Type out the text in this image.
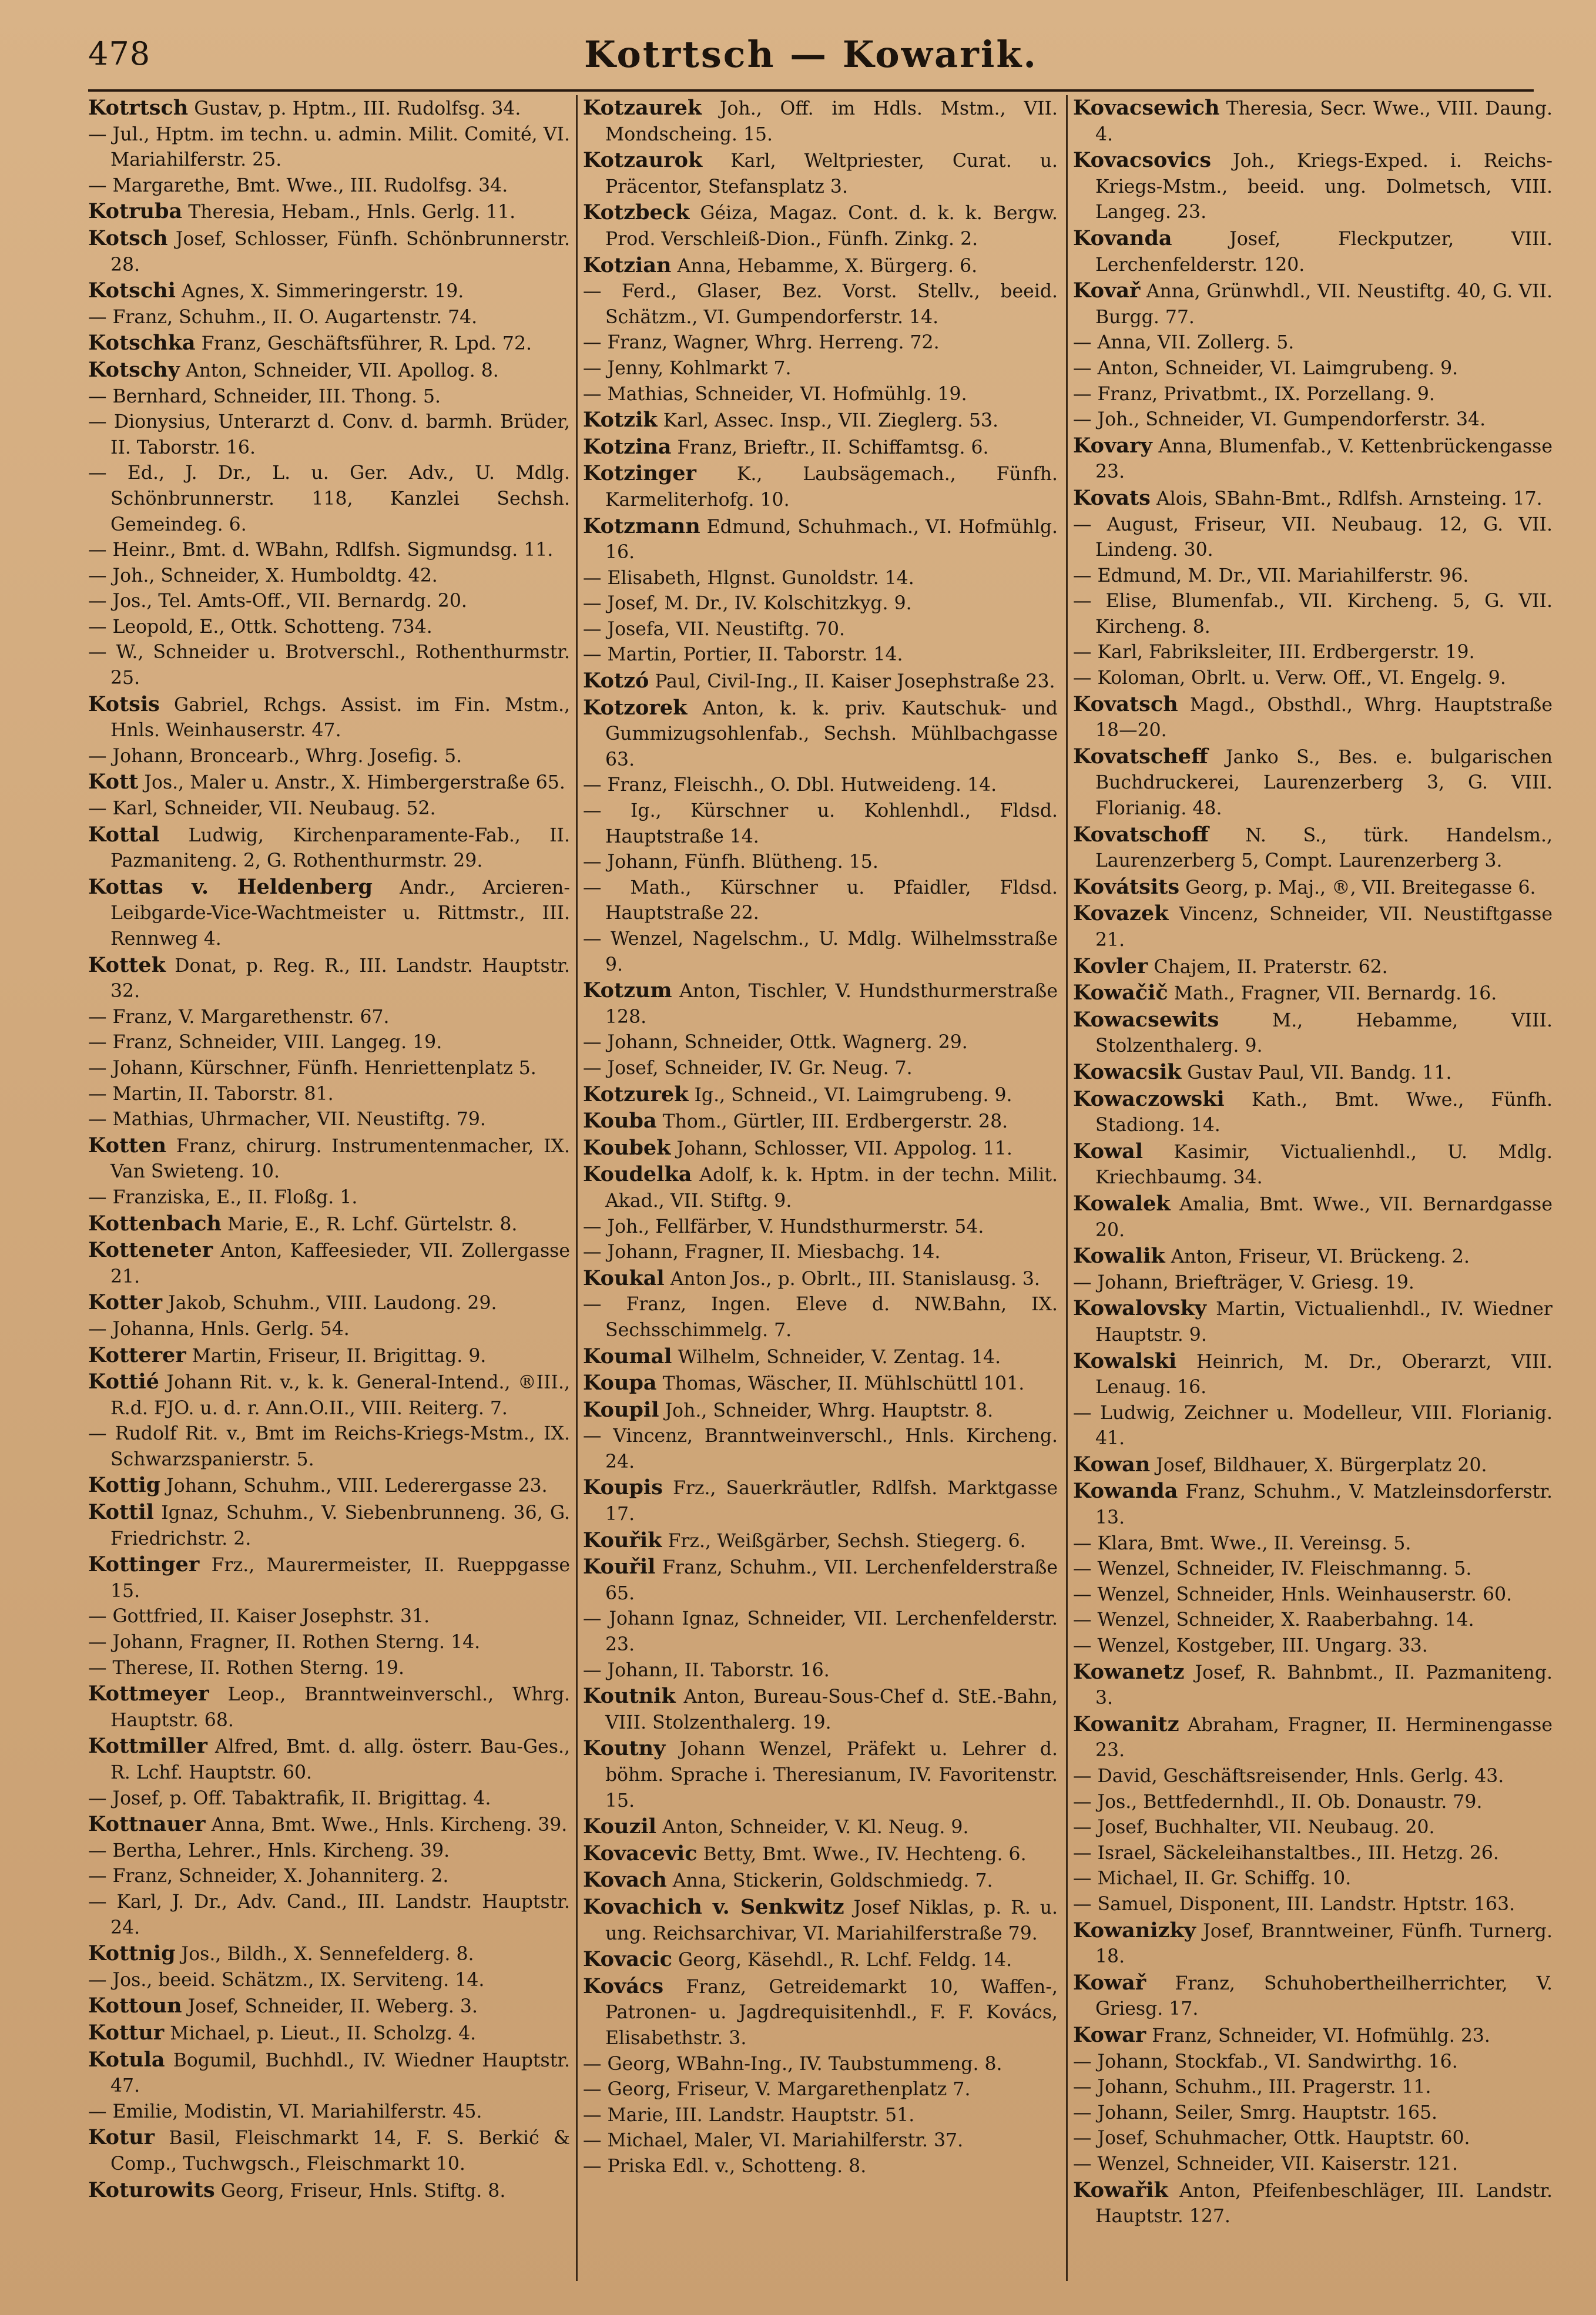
478	Kotrtsch — Kowarik.
Kotrtsch Gustav, p. Hptm., III. Rudolfsg. 34.
— Jul., Hptm. im techn. u. admin. Milit. Comité, VI. Mariahilferstr. 25.
— Margarethe, Bmt. Wwe., III. Rudolfsg. 34.
Kotruba Theresia, Hebam., Hnls. Gerlg. 11.
Kotsch Josef, Schlosser, Fünfh. Schönbrunnerstr. 28.
Kotschi Agnes, X. Simmeringerstr. 19.
— Franz, Schuhm., II. O. Augartenstr. 74.
Kotschka Franz, Geschäftsführer, R. Lpd. 72.
Kotschy Anton, Schneider, VII. Apollog. 8.
— Bernhard, Schneider, III. Thong. 5.
— Dionysius, Unterarzt d. Conv. d. barmh. Brüder, II. Taborstr. 16.
— Ed., J. Dr., L. u. Ger. Adv., U. Mdlg. Schönbrunnerstr. 118, Kanzlei Sechsh. Gemeindeg. 6.
— Heinr., Bmt. d. WBahn, Rdlfsh. Sigmundsg. 11.
— Joh., Schneider, X. Humboldtg. 42.
— Jos., Tel. Amts-Off., VII. Bernardg. 20.
— Leopold, E., Ottk. Schotteng. 734.
— W., Schneider u. Brotverschl., Rothenthurmstr. 25.
Kotsis Gabriel, Rchgs. Assist. im Fin. Mstm., Hnls. Weinhauserstr. 47.
— Johann, Broncearb., Whrg. Josefig. 5.
Kott Jos., Maler u. Anstr., X. Himbergerstraße 65.
— Karl, Schneider, VII. Neubaug. 52.
Kottal Ludwig, Kirchenparamente-Fab., II. Pazmaniteng. 2, G. Rothenthurmstr. 29.
Kottas v. Heldenberg Andr., Arcieren-Leibgarde-Vice-Wachtmeister u. Rittmstr., III. Rennweg 4.
Kottek Donat, p. Reg. R., III. Landstr. Hauptstr. 32.
— Franz, V. Margarethenstr. 67.
— Franz, Schneider, VIII. Langeg. 19.
— Johann, Kürschner, Fünfh. Henriettenplatz 5.
— Martin, II. Taborstr. 81.
— Mathias, Uhrmacher, VII. Neustiftg. 79.
Kotten Franz, chirurg. Instrumentenmacher, IX. Van Swieteng. 10.
— Franziska, E., II. Floßg. 1.
Kottenbach Marie, E., R. Lchf. Gürtelstr. 8.
Kotteneter Anton, Kaffeesieder, VII. Zollergasse 21.
Kotter Jakob, Schuhm., VIII. Laudong. 29.
— Johanna, Hnls. Gerlg. 54.
Kotterer Martin, Friseur, II. Brigittag. 9.
Kottié Johann Rit. v., k. k. General-Intend., ®III., R.d. FJO. u. d. r. Ann.O.II., VIII. Reiterg. 7.
— Rudolf Rit. v., Bmt im Reichs-Kriegs-Mstm., IX. Schwarzspanierstr. 5.
Kottig Johann, Schuhm., VIII. Lederergasse 23.
Kottil Ignaz, Schuhm., V. Siebenbrunneng. 36, G. Friedrichstr. 2.
Kottinger Frz., Maurermeister, II. Rueppgasse 15.
— Gottfried, II. Kaiser Josephstr. 31.
— Johann, Fragner, II. Rothen Sterng. 14.
— Therese, II. Rothen Sterng. 19.
Kottmeyer Leop., Branntweinverschl., Whrg. Hauptstr. 68.
Kottmiller Alfred, Bmt. d. allg. österr. Bau-Ges., R. Lchf. Hauptstr. 60.
— Josef, p. Off. Tabaktrafik, II. Brigittag. 4.
Kottnauer Anna, Bmt. Wwe., Hnls. Kircheng. 39.
— Bertha, Lehrer., Hnls. Kircheng. 39.
— Franz, Schneider, X. Johanniterg. 2.
— Karl, J. Dr., Adv. Cand., III. Landstr. Hauptstr. 24.
Kottnig Jos., Bildh., X. Sennefelderg. 8.
— Jos., beeid. Schätzm., IX. Serviteng. 14.
Kottoun Josef, Schneider, II. Weberg. 3.
Kottur Michael, p. Lieut., II. Scholzg. 4.
Kotula Bogumil, Buchhdl., IV. Wiedner Hauptstr. 47.
— Emilie, Modistin, VI. Mariahilferstr. 45.
Kotur Basil, Fleischmarkt 14, F. S. Berkić & Comp., Tuchwgsch., Fleischmarkt 10.
Koturowits Georg, Friseur, Hnls. Stiftg. 8.
Kotzaurek Joh., Off. im Hdls. Mstm., VII. Mondscheing. 15.
Kotzaurok Karl, Weltpriester, Curat. u. Präcentor, Stefansplatz 3.
Kotzbeck Géiza, Magaz. Cont. d. k. k. Bergw. Prod. Verschleiß-Dion., Fünfh. Zinkg. 2.
Kotzian Anna, Hebamme, X. Bürgerg. 6.
— Ferd., Glaser, Bez. Vorst. Stellv., beeid. Schätzm., VI. Gumpendorferstr. 14.
— Franz, Wagner, Whrg. Herreng. 72.
— Jenny, Kohlmarkt 7.
— Mathias, Schneider, VI. Hofmühlg. 19.
Kotzik Karl, Assec. Insp., VII. Zieglerg. 53.
Kotzina Franz, Brieftr., II. Schiffamtsg. 6.
Kotzinger K., Laubsägemach., Fünfh. Karmeliterhofg. 10.
Kotzmann Edmund, Schuhmach., VI. Hofmühlg. 16.
— Elisabeth, Hlgnst. Gunoldstr. 14.
— Josef, M. Dr., IV. Kolschitzkyg. 9.
— Josefa, VII. Neustiftg. 70.
— Martin, Portier, II. Taborstr. 14.
Kotzó Paul, Civil-Ing., II. Kaiser Josephstraße 23.
Kotzorek Anton, k. k. priv. Kautschuk- und Gummizugsohlenfab., Sechsh. Mühlbachgasse 63.
— Franz, Fleischh., O. Dbl. Hutweideng. 14.
— Ig., Kürschner u. Kohlenhdl., Fldsd. Hauptstraße 14.
— Johann, Fünfh. Blütheng. 15.
— Math., Kürschner u. Pfaidler, Fldsd. Hauptstraße 22.
— Wenzel, Nagelschm., U. Mdlg. Wilhelmsstraße 9.
Kotzum Anton, Tischler, V. Hundsthurmerstraße 128.
— Johann, Schneider, Ottk. Wagnerg. 29.
— Josef, Schneider, IV. Gr. Neug. 7.
Kotzurek Ig., Schneid., VI. Laimgrubeng. 9.
Kouba Thom., Gürtler, III. Erdbergerstr. 28.
Koubek Johann, Schlosser, VII. Appolog. 11.
Koudelka Adolf, k. k. Hptm. in der techn. Milit. Akad., VII. Stiftg. 9.
— Joh., Fellfärber, V. Hundsthurmerstr. 54.
— Johann, Fragner, II. Miesbachg. 14.
Koukal Anton Jos., p. Obrlt., III. Stanislausg. 3.
— Franz, Ingen. Eleve d. NW.Bahn, IX. Sechsschimmelg. 7.
Koumal Wilhelm, Schneider, V. Zentag. 14.
Koupa Thomas, Wäscher, II. Mühlschüttl 101.
Koupil Joh., Schneider, Whrg. Hauptstr. 8.
— Vincenz, Branntweinverschl., Hnls. Kircheng. 24.
Koupis Frz., Sauerkräutler, Rdlfsh. Marktgasse 17.
Kouřik Frz., Weißgärber, Sechsh. Stiegerg. 6.
Kouřil Franz, Schuhm., VII. Lerchenfelderstraße 65.
— Johann Ignaz, Schneider, VII. Lerchenfelderstr. 23.
— Johann, II. Taborstr. 16.
Koutnik Anton, Bureau-Sous-Chef d. StE.-Bahn, VIII. Stolzenthalerg. 19.
Koutny Johann Wenzel, Präfekt u. Lehrer d. böhm. Sprache i. Theresianum, IV. Favoritenstr. 15.
Kouzil Anton, Schneider, V. Kl. Neug. 9.
Kovacevic Betty, Bmt. Wwe., IV. Hechteng. 6.
Kovach Anna, Stickerin, Goldschmiedg. 7.
Kovachich v. Senkwitz Josef Niklas, p. R. u. ung. Reichsarchivar, VI. Mariahilferstraße 79.
Kovacic Georg, Käsehdl., R. Lchf. Feldg. 14.
Kovács Franz, Getreidemarkt 10, Waffen-, Patronen- u. Jagdrequisitenhdl., F. F. Kovács, Elisabethstr. 3.
— Georg, WBahn-Ing., IV. Taubstummeng. 8.
— Georg, Friseur, V. Margarethenplatz 7.
— Marie, III. Landstr. Hauptstr. 51.
— Michael, Maler, VI. Mariahilferstr. 37.
— Priska Edl. v., Schotteng. 8.
Kovacsewich Theresia, Secr. Wwe., VIII. Daung. 4.
Kovacsovics Joh., Kriegs-Exped. i. Reichs-Kriegs-Mstm., beeid. ung. Dolmetsch, VIII. Langeg. 23.
Kovanda Josef, Fleckputzer, VIII. Lerchenfelderstr. 120.
Kovař Anna, Grünwhdl., VII. Neustiftg. 40, G. VII. Burgg. 77.
— Anna, VII. Zollerg. 5.
— Anton, Schneider, VI. Laimgrubeng. 9.
— Franz, Privatbmt., IX. Porzellang. 9.
— Joh., Schneider, VI. Gumpendorferstr. 34.
Kovary Anna, Blumenfab., V. Kettenbrückengasse 23.
Kovats Alois, SBahn-Bmt., Rdlfsh. Arnsteing. 17.
— August, Friseur, VII. Neubaug. 12, G. VII. Lindeng. 30.
— Edmund, M. Dr., VII. Mariahilferstr. 96.
— Elise, Blumenfab., VII. Kircheng. 5, G. VII. Kircheng. 8.
— Karl, Fabriksleiter, III. Erdbergerstr. 19.
— Koloman, Obrlt. u. Verw. Off., VI. Engelg. 9.
Kovatsch Magd., Obsthdl., Whrg. Hauptstraße 18—20.
Kovatscheff Janko S., Bes. e. bulgarischen Buchdruckerei, Laurenzerberg 3, G. VIII. Florianig. 48.
Kovatschoff N. S., türk. Handelsm., Laurenzerberg 5, Compt. Laurenzerberg 3.
Kovátsits Georg, p. Maj., ®, VII. Breitegasse 6.
Kovazek Vincenz, Schneider, VII. Neustiftgasse 21.
Kovler Chajem, II. Praterstr. 62.
Kowačič Math., Fragner, VII. Bernardg. 16.
Kowacsewits M., Hebamme, VIII. Stolzenthalerg. 9.
Kowacsik Gustav Paul, VII. Bandg. 11.
Kowaczowski Kath., Bmt. Wwe., Fünfh. Stadiong. 14.
Kowal Kasimir, Victualienhdl., U. Mdlg. Kriechbaumg. 34.
Kowalek Amalia, Bmt. Wwe., VII. Bernardgasse 20.
Kowalik Anton, Friseur, VI. Brückeng. 2.
— Johann, Briefträger, V. Griesg. 19.
Kowalovsky Martin, Victualienhdl., IV. Wiedner Hauptstr. 9.
Kowalski Heinrich, M. Dr., Oberarzt, VIII. Lenaug. 16.
— Ludwig, Zeichner u. Modelleur, VIII. Florianig. 41.
Kowan Josef, Bildhauer, X. Bürgerplatz 20.
Kowanda Franz, Schuhm., V. Matzleinsdorferstr. 13.
— Klara, Bmt. Wwe., II. Vereinsg. 5.
— Wenzel, Schneider, IV. Fleischmanng. 5.
— Wenzel, Schneider, Hnls. Weinhauserstr. 60.
— Wenzel, Schneider, X. Raaberbahng. 14.
— Wenzel, Kostgeber, III. Ungarg. 33.
Kowanetz Josef, R. Bahnbmt., II. Pazmaniteng. 3.
Kowanitz Abraham, Fragner, II. Herminengasse 23.
— David, Geschäftsreisender, Hnls. Gerlg. 43.
— Jos., Bettfedernhdl., II. Ob. Donaustr. 79.
— Josef, Buchhalter, VII. Neubaug. 20.
— Israel, Säckeleihanstaltbes., III. Hetzg. 26.
— Michael, II. Gr. Schiffg. 10.
— Samuel, Disponent, III. Landstr. Hptstr. 163.
Kowanizky Josef, Branntweiner, Fünfh. Turnerg. 18.
Kowař Franz, Schuhobertheilherrichter, V. Griesg. 17.
Kowar Franz, Schneider, VI. Hofmühlg. 23.
— Johann, Stockfab., VI. Sandwirthg. 16.
— Johann, Schuhm., III. Pragerstr. 11.
— Johann, Seiler, Smrg. Hauptstr. 165.
— Josef, Schuhmacher, Ottk. Hauptstr. 60.
— Wenzel, Schneider, VII. Kaiserstr. 121.
Kowařik Anton, Pfeifenbeschläger, III. Landstr. Hauptstr. 127.
